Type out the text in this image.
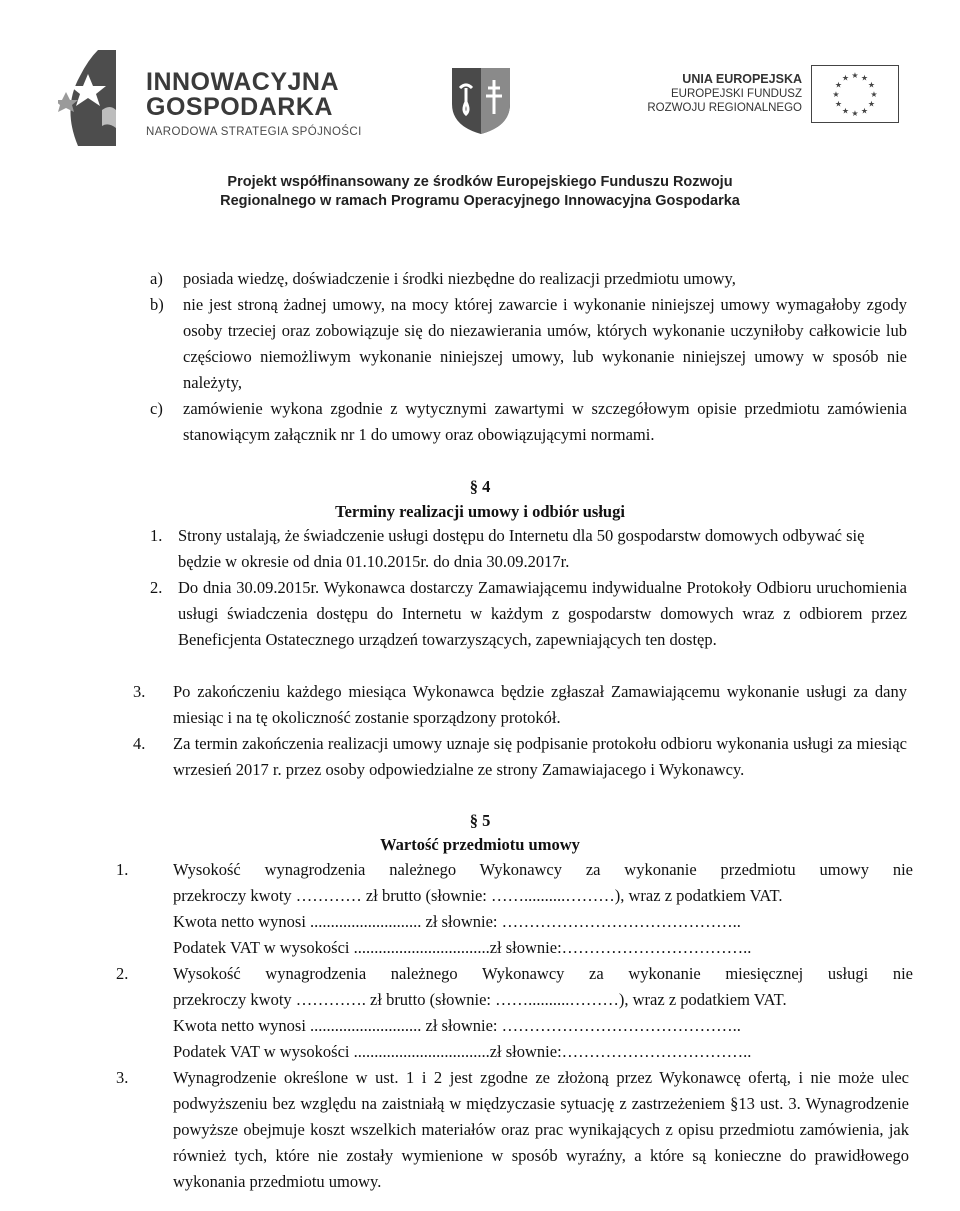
INNOWACYJNA
GOSPODARKA
NARODOWA STRATEGIA SPÓJNOŚCI
UNIA EUROPEJSKA
EUROPEJSKI FUNDUSZ
ROZWOJU REGIONALNEGO
★ ★
★
★
★
★
★
★
★
★
★
★
Projekt współfinansowany ze środków Europejskiego Funduszu Rozwoju
Regionalnego w ramach Programu Operacyjnego Innowacyjna Gospodarka
a) posiada wiedzę, doświadczenie i środki niezbędne do realizacji przedmiotu umowy,
b) nie jest stroną żadnej umowy, na mocy której zawarcie i wykonanie niniejszej umowy wymagałoby zgody osoby trzeciej oraz zobowiązuje się do niezawierania umów, których wykonanie uczyniłoby całkowicie lub częściowo niemożliwym wykonanie niniejszej umowy, lub wykonanie niniejszej umowy w sposób nie należyty,
c) zamówienie wykona zgodnie z wytycznymi zawartymi w szczegółowym opisie przedmiotu zamówienia stanowiącym załącznik nr 1 do umowy oraz obowiązującymi normami.
§ 4
Terminy realizacji umowy i odbiór usługi
1. Strony ustalają, że świadczenie usługi dostępu do Internetu dla 50 gospodarstw domowych odbywać się będzie w okresie od dnia 01.10.2015r. do dnia 30.09.2017r.
2. Do dnia 30.09.2015r. Wykonawca dostarczy Zamawiającemu indywidualne Protokoły Odbioru uruchomienia usługi świadczenia dostępu do Internetu w każdym z gospodarstw domowych wraz z odbiorem przez Beneficjenta Ostatecznego urządzeń towarzyszących, zapewniających ten dostęp.
3. Po zakończeniu każdego miesiąca Wykonawca będzie zgłaszał Zamawiającemu wykonanie usługi za dany miesiąc i na tę okoliczność zostanie sporządzony protokół.
4. Za termin zakończenia realizacji umowy uznaje się podpisanie protokołu odbioru wykonania usługi za miesiąc wrzesień 2017 r. przez osoby odpowiedzialne ze strony Zamawiajacego i Wykonawcy.
§ 5
Wartość przedmiotu umowy
1.	Wysokość wynagrodzenia należnego Wykonawcy za wykonanie przedmiotu umowy nie
przekroczy kwoty ………… zł brutto (słownie: ……..........………), wraz z podatkiem VAT.
Kwota netto wynosi ........................... zł słownie: ……………………………………..
Podatek VAT w wysokości .................................zł słownie:……………………………..
2.	Wysokość wynagrodzenia należnego Wykonawcy za wykonanie miesięcznej usługi nie
przekroczy kwoty …………. zł brutto (słownie: ……..........………), wraz z podatkiem VAT.
Kwota netto wynosi ........................... zł słownie: ……………………………………..
Podatek VAT w wysokości .................................zł słownie:……………………………..
3.	Wynagrodzenie określone w ust. 1 i 2 jest zgodne ze złożoną przez Wykonawcę ofertą, i nie może ulec podwyższeniu bez względu na zaistniałą w międzyczasie sytuację z zastrzeżeniem §13 ust. 3. Wynagrodzenie powyższe obejmuje koszt wszelkich materiałów oraz prac wynikających z opisu przedmiotu zamówienia, jak również tych, które nie zostały wymienione w sposób wyraźny, a które są konieczne do prawidłowego wykonania przedmiotu umowy.
